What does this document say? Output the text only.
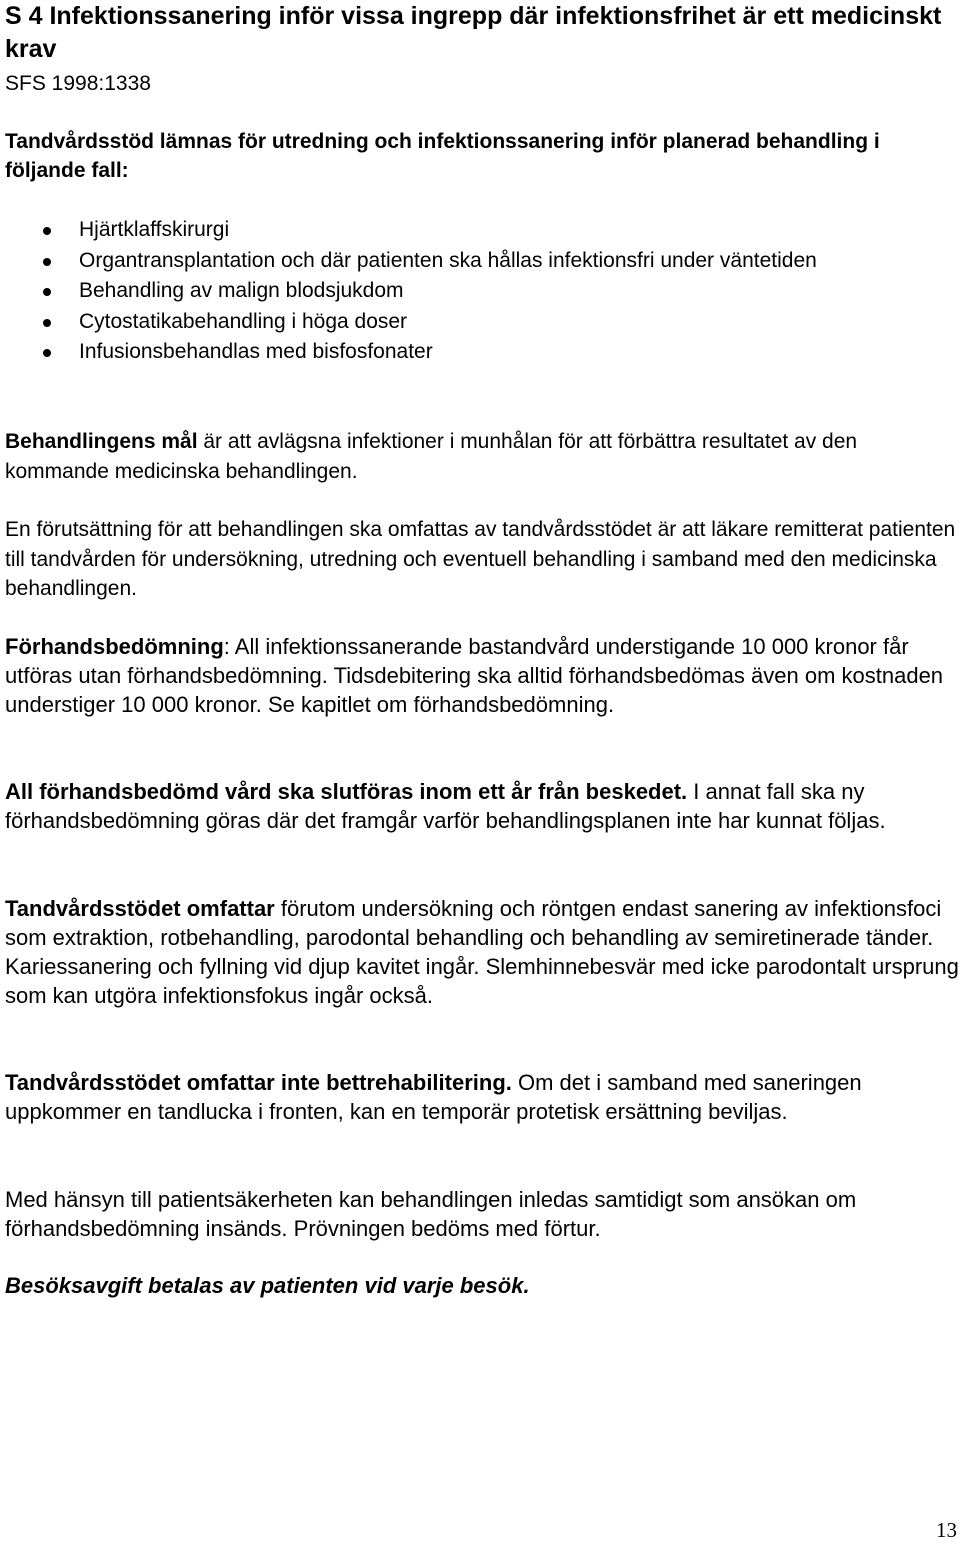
S 4 Infektionssanering inför vissa ingrepp där infektionsfrihet är ett medicinskt krav
SFS 1998:1338
Tandvårdsstöd lämnas för utredning och infektionssanering inför planerad behandling i följande fall:
Hjärtklaffskirurgi
Organtransplantation och där patienten ska hållas infektionsfri under väntetiden
Behandling av malign blodsjukdom
Cytostatikabehandling i höga doser
Infusionsbehandlas med bisfosfonater
Behandlingens mål är att avlägsna infektioner i munhålan för att förbättra resultatet av den kommande medicinska behandlingen.
En förutsättning för att behandlingen ska omfattas av tandvårdsstödet är att läkare remitterat patienten till tandvården för undersökning, utredning och eventuell behandling i samband med den medicinska behandlingen.
Förhandsbedömning: All infektionssanerande bastandvård understigande 10 000 kronor får utföras utan förhandsbedömning. Tidsdebitering ska alltid förhandsbedömas även om kostnaden understiger 10 000 kronor. Se kapitlet om förhandsbedömning.
All förhandsbedömd vård ska slutföras inom ett år från beskedet. I annat fall ska ny förhandsbedömning göras där det framgår varför behandlingsplanen inte har kunnat följas.
Tandvårdsstödet omfattar förutom undersökning och röntgen endast sanering av infektionsfoci som extraktion, rotbehandling, parodontal behandling och behandling av semiretinerade tänder. Kariessanering och fyllning vid djup kavitet ingår. Slemhinnebesvär med icke parodontalt ursprung som kan utgöra infektionsfokus ingår också.
Tandvårdsstödet omfattar inte bettrehabilitering. Om det i samband med saneringen uppkommer en tandlucka i fronten, kan en temporär protetisk ersättning beviljas.
Med hänsyn till patientsäkerheten kan behandlingen inledas samtidigt som ansökan om förhandsbedömning insänds. Prövningen bedöms med förtur.
Besöksavgift betalas av patienten vid varje besök.
13
